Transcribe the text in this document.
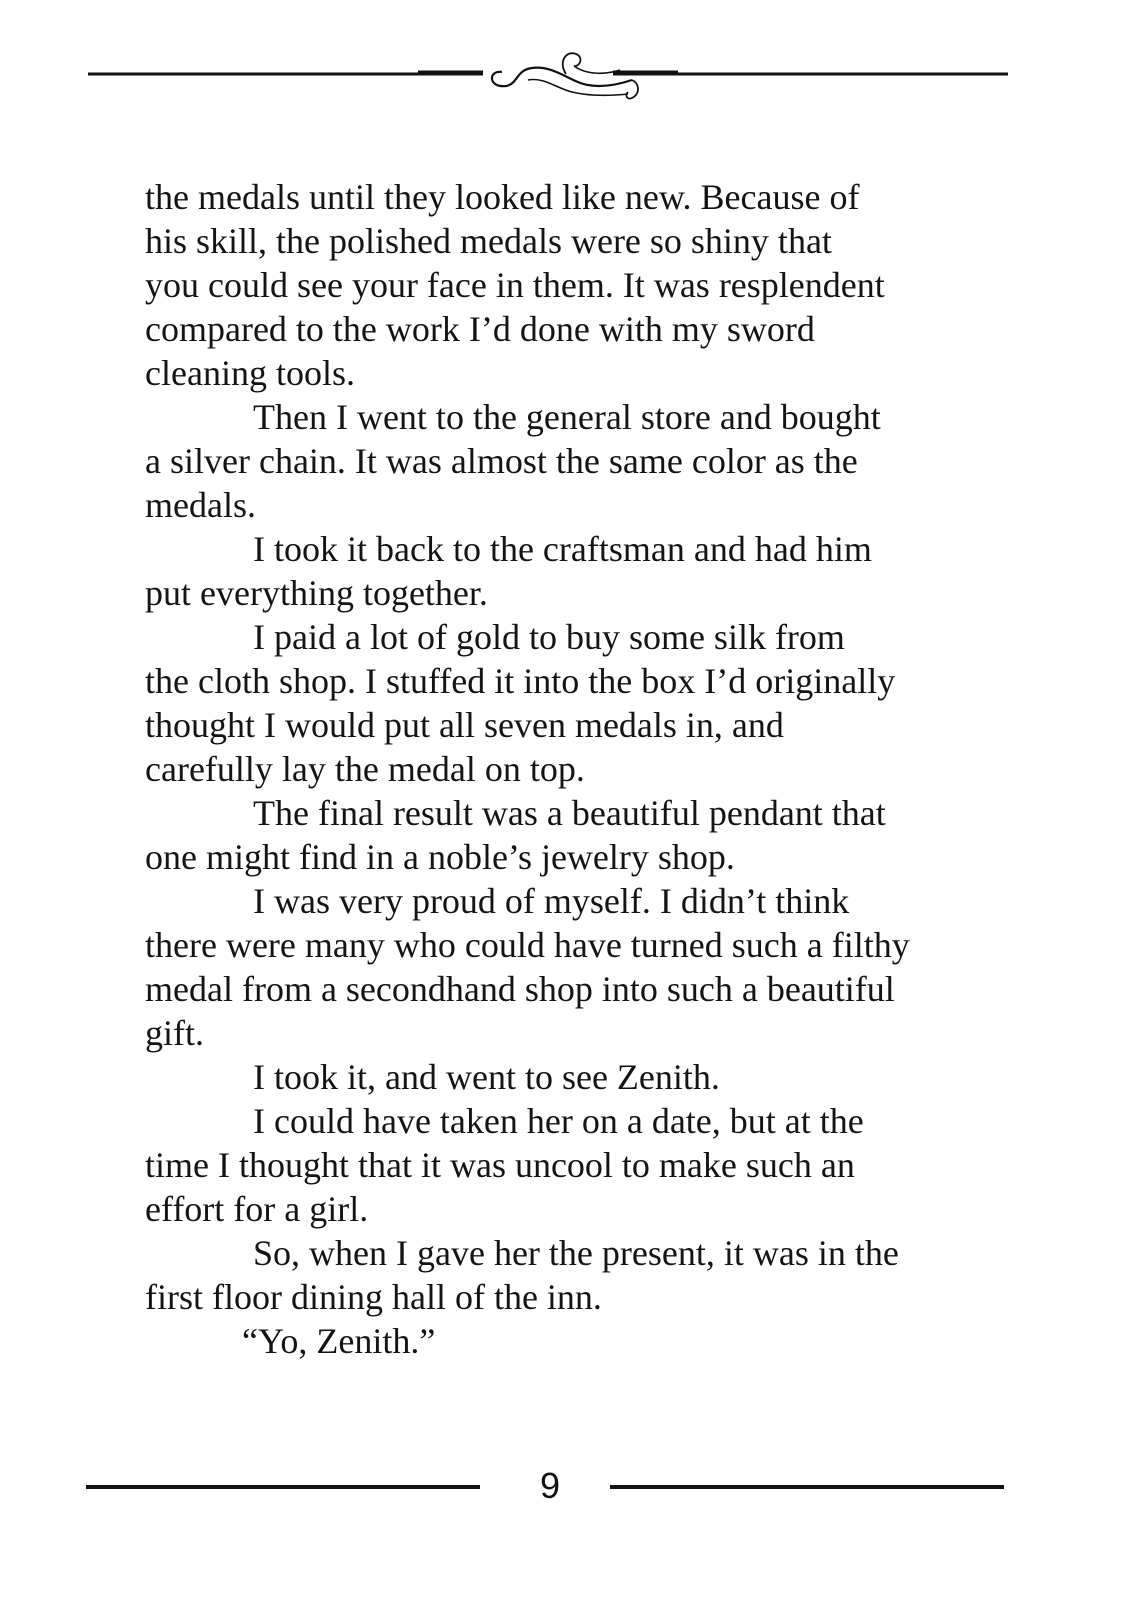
the medals until they looked like new. Because of

his skill, the polished medals were so shiny that

you could see your face in them. It was resplendent

compared to the work I’d done with my sword

cleaning tools.

Then I went to the general store and bought

a silver chain. It was almost the same color as the

medals.

I took it back to the craftsman and had him

put everything together.

I paid a lot of gold to buy some silk from

the cloth shop. I stuffed it into the box I’d originally

thought I would put all seven medals in, and

carefully lay the medal on top.

The final result was a beautiful pendant that

one might find in a noble’s jewelry shop.

I was very proud of myself. I didn’t think

there were many who could have turned such a filthy

medal from a secondhand shop into such a beautiful

gift.

I took it, and went to see Zenith.

I could have taken her on a date, but at the

time I thought that it was uncool to make such an

effort for a girl.

So, when I gave her the present, it was in the

first floor dining hall of the inn.

“Yo, Zenith.”

9
